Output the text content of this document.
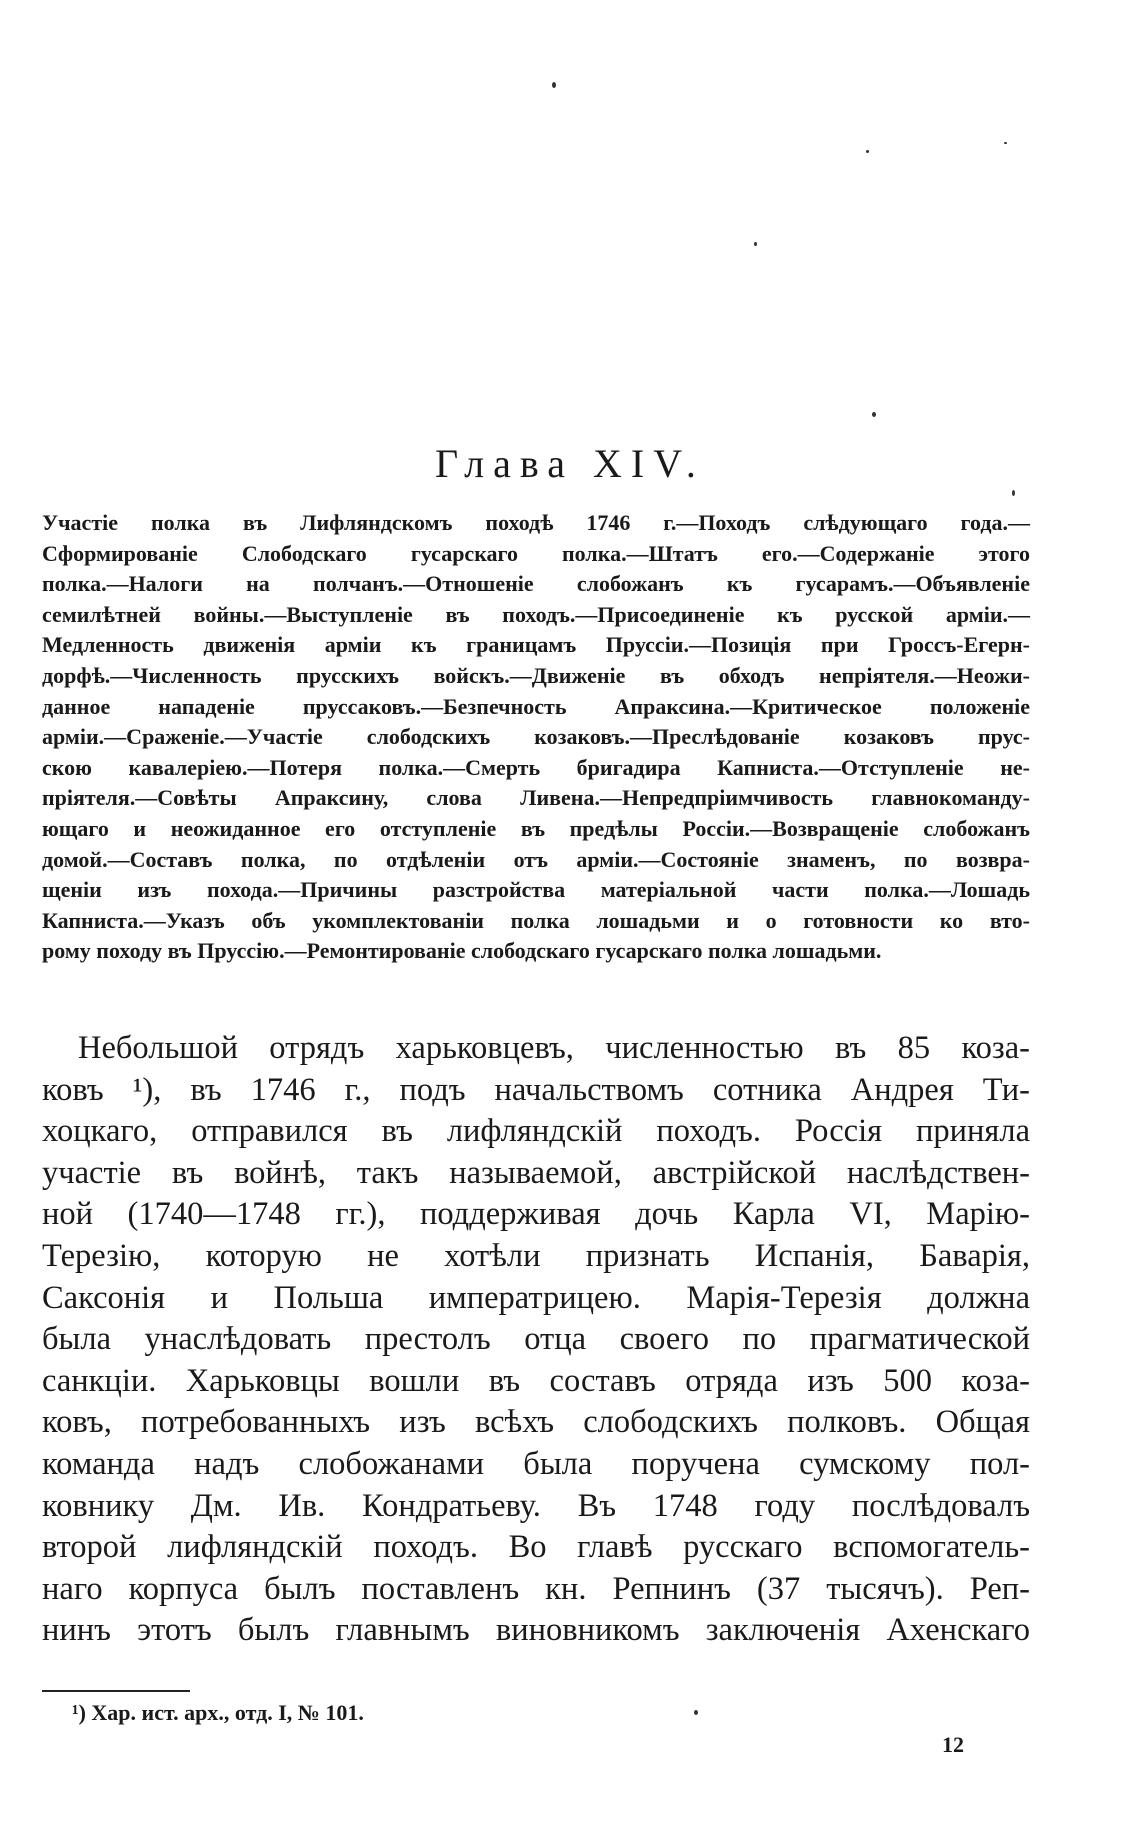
Глава XIV.
Участіе полка въ Лифляндскомъ походѣ 1746 г.—Походъ слѣдующаго года.—
Сформированіе Слободскаго гусарскаго полка.—Штатъ его.—Содержаніе этого
полка.—Налоги на полчанъ.—Отношеніе слобожанъ къ гусарамъ.—Объявленіе
семилѣтней войны.—Выступленіе въ походъ.—Присоединеніе къ русской арміи.—
Медленность движенія арміи къ границамъ Пруссіи.—Позиція при Гроссъ-Егерн-
дорфѣ.—Численность прусскихъ войскъ.—Движеніе въ обходъ непріятеля.—Неожи-
данное нападеніе пруссаковъ.—Безпечность Апраксина.—Критическое положеніе
арміи.—Сраженіе.—Участіе слободскихъ козаковъ.—Преслѣдованіе козаковъ прус-
скою кавалеріею.—Потеря полка.—Смерть бригадира Капниста.—Отступленіе не-
пріятеля.—Совѣты Апраксину, слова Ливена.—Непредпріимчивость главнокоманду-
ющаго и неожиданное его отступленіе въ предѣлы Россіи.—Возвращеніе слобожанъ
домой.—Составъ полка, по отдѣленіи отъ арміи.—Состояніе знаменъ, по возвра-
щеніи изъ похода.—Причины разстройства матеріальной части полка.—Лошадь
Капниста.—Указъ объ укомплектованіи полка лошадьми и о готовности ко вто-
рому походу въ Пруссію.—Ремонтированіе слободскаго гусарскаго полка лошадьми.
Небольшой отрядъ харьковцевъ, численностью въ 85 коза-
ковъ ¹), въ 1746 г., подъ начальствомъ сотника Андрея Ти-
хоцкаго, отправился въ лифляндскій походъ. Россія приняла
участіе въ войнѣ, такъ называемой, австрійской наслѣдствен-
ной (1740—1748 гг.), поддерживая дочь Карла VI, Марію-
Терезію, которую не хотѣли признать Испанія, Баварія,
Саксонія и Польша императрицею. Марія-Терезія должна
была унаслѣдовать престолъ отца своего по прагматической
санкціи. Харьковцы вошли въ составъ отряда изъ 500 коза-
ковъ, потребованныхъ изъ всѣхъ слободскихъ полковъ. Общая
команда надъ слобожанами была поручена сумскому пол-
ковнику Дм. Ив. Кондратьеву. Въ 1748 году послѣдовалъ
второй лифляндскій походъ. Во главѣ русскаго вспомогатель-
наго корпуса былъ поставленъ кн. Репнинъ (37 тысячъ). Реп-
нинъ этотъ былъ главнымъ виновникомъ заключенія Ахенскаго

¹) Хар. ист. арх., отд. I, № 101.

12
